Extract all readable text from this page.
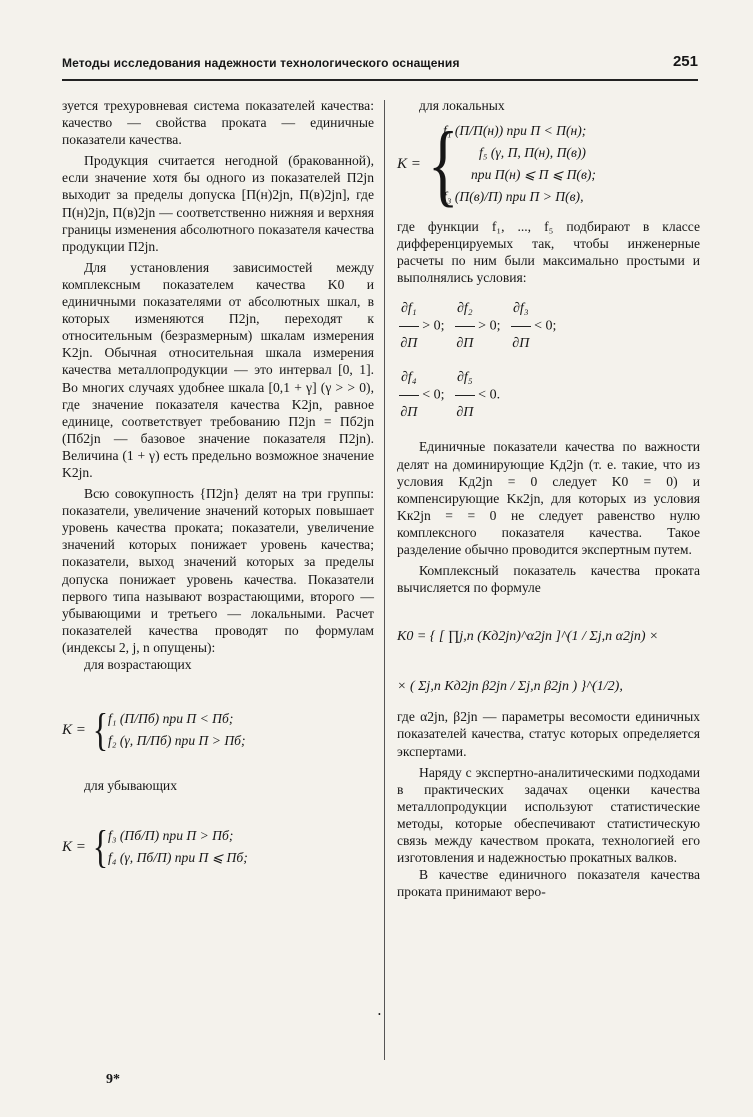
Методы исследования надежности технологического оснащения	251

зуется трехуровневая система показателей качества: качество — свойства проката — единичные показатели качества.

Продукция считается негодной (бракованной), если значение хотя бы одного из показателей П2jn выходит за пределы допуска [П(н)2jn, П(в)2jn], где П(н)2jn, П(в)2jn — соответственно нижняя и верхняя границы изменения абсолютного показателя качества продукции П2jn.

Для установления зависимостей между комплексным показателем качества K0 и единичными показателями от абсолютных шкал, в которых изменяются П2jn, переходят к относительным (безразмерным) шкалам измерения K2jn. Обычная относительная шкала измерения качества металлопродукции — это интервал [0, 1]. Во многих случаях удобнее шкала [0,1 + γ] (γ > > 0), где значение показателя качества K2jn, равное единице, соответствует требованию П2jn = Пб2jn (Пб2jn — базовое значение показателя П2jn). Величина (1 + γ) есть предельно возможное значение K2jn.

Всю совокупность {П2jn} делят на три группы: показатели, увеличение значений которых повышает уровень качества проката; показатели, увеличение значений которых понижает уровень качества; показатели, выход значений которых за пределы допуска понижает уровень качества. Показатели первого типа называют возрастающими, второго — убывающими и третьего — локальными. Расчет показателей качества проводят по формулам (индексы 2, j, n опущены):

для возрастающих
K = { f₁ (П/Пб) при П < Пб;
f₂ (γ, П/Пб) при П > Пб;
для убывающих
K = { f₃ (Пб/П) при П > Пб;
f₄ (γ, Пб/П) при П ⩽ Пб;
для локальных
K = {
f₁ (П/П(н)) при П < П(н);
f₅ (γ, П, П(н), П(в))
при П(н) ⩽ П ⩽ П(в);
f₃ (П(в)/П) при П > П(в),

где функции f₁, ..., f₅ подбирают в классе дифференцируемых так, чтобы инженерные расчеты по ним были максимально простыми и выполнялись условия:

$\frac{\text{∂f₁}}{\partial П} > 0$; $\frac{\text{∂f₂}}{\partial П} > 0$; $\frac{\text{∂f₃}}{\partial П} < 0$;
$\frac{\text{∂f₄}}{\partial П} < 0$; $\frac{\text{∂f₅}}{\partial П} < 0$.

Единичные показатели качества по важности делят на доминирующие Kд2jn (т. е. такие, что из условия Kд2jn = 0 следует K0 = 0) и компенсирующие Kк2jn, для которых из условия Kк2jn = = 0 не следует равенство нулю комплексного показателя качества. Такое разделение обычно проводится экспертным путем.

Комплексный показатель качества проката вычисляется по формуле

K0 = { [ ∏j,n (Kд2jn)^α2jn ]^(1 / Σj,n α2jn) ×
× ( Σj,n Kд2jn β2jn / Σj,n β2jn ) }^(1/2),

где α2jn, β2jn — параметры весомости единичных показателей качества, статус которых определяется экспертами.

Наряду с экспертно-аналитическими подходами в практических задачах оценки качества металлопродукции используют статистические методы, которые обеспечивают статистическую связь между качеством проката, технологией его изготовления и надежностью прокатных валков.

В качестве единичного показателя качества проката принимают веро-

•
9*
